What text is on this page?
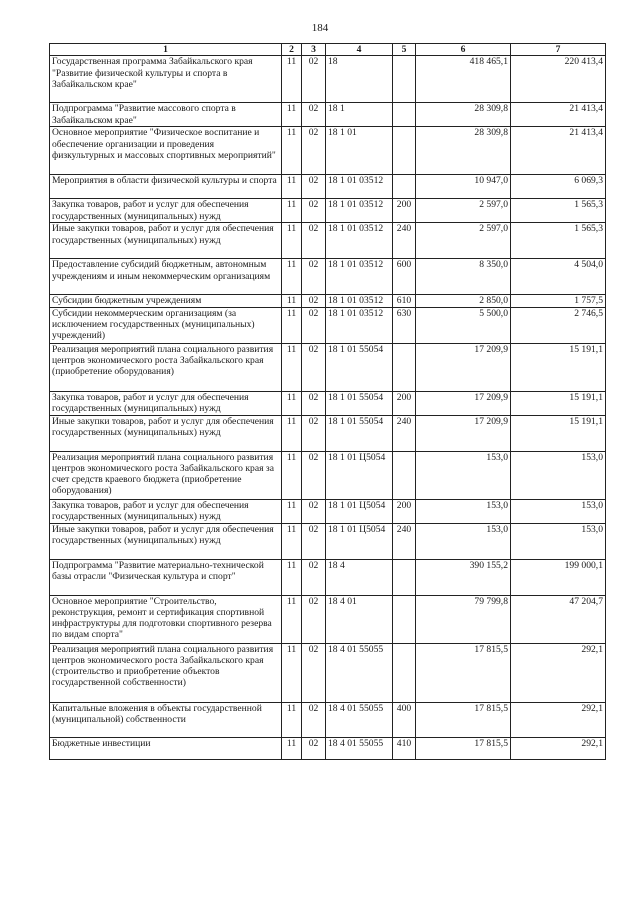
184
1	2	3	4	5	6	7
Государственная программа Забайкальского края "Развитие физической культуры и спорта в Забайкальском крае"	11	02	18		418 465,1	220 413,4
Подпрограмма "Развитие массового спорта в Забайкальском крае"	11	02	18 1		28 309,8	21 413,4
Основное мероприятие "Физическое воспитание и обеспечение организации и проведения физкультурных и массовых спортивных мероприятий"	11	02	18 1 01		28 309,8	21 413,4
Мероприятия в области физической культуры и спорта	11	02	18 1 01 03512		10 947,0	6 069,3
Закупка товаров, работ и услуг для обеспечения государственных (муниципальных) нужд	11	02	18 1 01 03512	200	2 597,0	1 565,3
Иные закупки товаров, работ и услуг для обеспечения государственных (муниципальных) нужд	11	02	18 1 01 03512	240	2 597,0	1 565,3
Предоставление субсидий бюджетным, автономным учреждениям и иным некоммерческим организациям	11	02	18 1 01 03512	600	8 350,0	4 504,0
Субсидии бюджетным учреждениям	11	02	18 1 01 03512	610	2 850,0	1 757,5
Субсидии некоммерческим организациям (за исключением государственных (муниципальных) учреждений)	11	02	18 1 01 03512	630	5 500,0	2 746,5
Реализация мероприятий плана социального развития центров экономического роста Забайкальского края (приобретение оборудования)	11	02	18 1 01 55054		17 209,9	15 191,1
Закупка товаров, работ и услуг для обеспечения государственных (муниципальных) нужд	11	02	18 1 01 55054	200	17 209,9	15 191,1
Иные закупки товаров, работ и услуг для обеспечения государственных (муниципальных) нужд	11	02	18 1 01 55054	240	17 209,9	15 191,1
Реализация мероприятий плана социального развития центров экономического роста Забайкальского края за счет средств краевого бюджета (приобретение оборудования)	11	02	18 1 01 Ц5054		153,0	153,0
Закупка товаров, работ и услуг для обеспечения государственных (муниципальных) нужд	11	02	18 1 01 Ц5054	200	153,0	153,0
Иные закупки товаров, работ и услуг для обеспечения государственных (муниципальных) нужд	11	02	18 1 01 Ц5054	240	153,0	153,0
Подпрограмма "Развитие материально-технической базы отрасли "Физическая культура и спорт"	11	02	18 4		390 155,2	199 000,1
Основное мероприятие "Строительство, реконструкция, ремонт и сертификация спортивной инфраструктуры для подготовки спортивного резерва по видам спорта"	11	02	18 4 01		79 799,8	47 204,7
Реализация мероприятий плана социального развития центров экономического роста Забайкальского края (строительство и приобретение объектов государственной собственности)	11	02	18 4 01 55055		17 815,5	292,1
Капитальные вложения в объекты государственной (муниципальной) собственности	11	02	18 4 01 55055	400	17 815,5	292,1
Бюджетные инвестиции	11	02	18 4 01 55055	410	17 815,5	292,1
